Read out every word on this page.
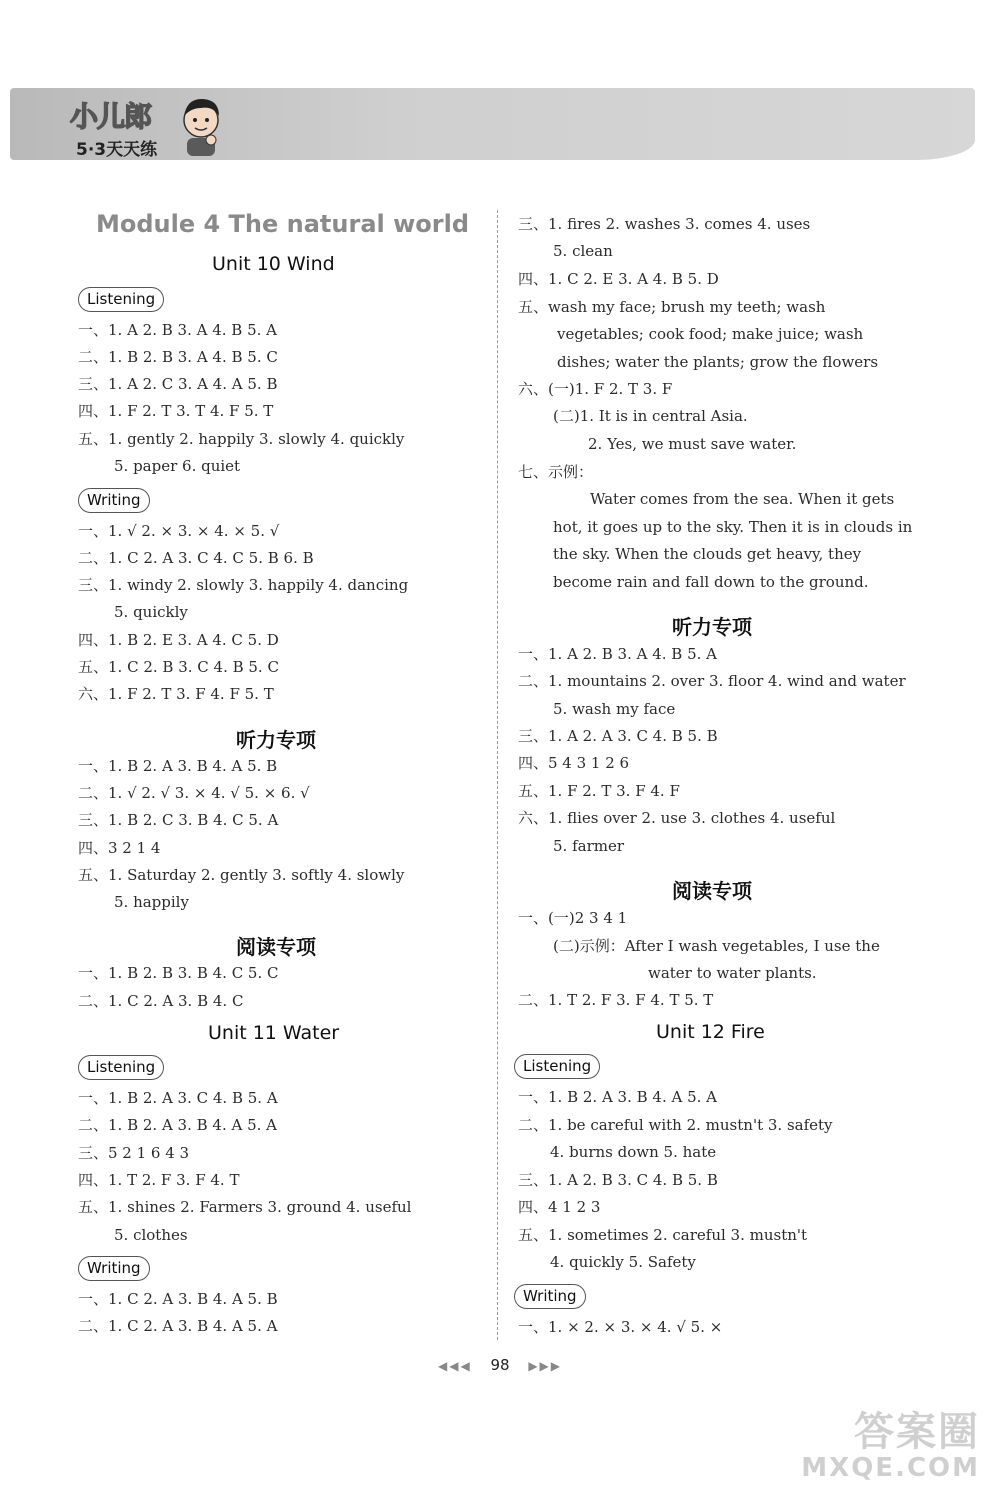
小儿郎
5·3天天练
Module 4 The natural world
Unit 10 Wind
Listening
一、1. A 2. B 3. A 4. B 5. A
二、1. B 2. B 3. A 4. B 5. C
三、1. A 2. C 3. A 4. A 5. B
四、1. F 2. T 3. T 4. F 5. T
五、1. gently 2. happily 3. slowly 4. quickly
5. paper 6. quiet
Writing
一、1. √ 2. × 3. × 4. × 5. √
二、1. C 2. A 3. C 4. C 5. B 6. B
三、1. windy 2. slowly 3. happily 4. dancing
5. quickly
四、1. B 2. E 3. A 4. C 5. D
五、1. C 2. B 3. C 4. B 5. C
六、1. F 2. T 3. F 4. F 5. T
听力专项
一、1. B 2. A 3. B 4. A 5. B
二、1. √ 2. √ 3. × 4. √ 5. × 6. √
三、1. B 2. C 3. B 4. C 5. A
四、3 2 1 4
五、1. Saturday 2. gently 3. softly 4. slowly
5. happily
阅读专项
一、1. B 2. B 3. B 4. C 5. C
二、1. C 2. A 3. B 4. C
Unit 11 Water
Listening
一、1. B 2. A 3. C 4. B 5. A
二、1. B 2. A 3. B 4. A 5. A
三、5 2 1 6 4 3
四、1. T 2. F 3. F 4. T
五、1. shines 2. Farmers 3. ground 4. useful
5. clothes
Writing
一、1. C 2. A 3. B 4. A 5. B
二、1. C 2. A 3. B 4. A 5. A
三、1. fires 2. washes 3. comes 4. uses
5. clean
四、1. C 2. E 3. A 4. B 5. D
五、wash my face; brush my teeth; wash
vegetables; cook food; make juice; wash
dishes; water the plants; grow the flowers
六、(一)1. F 2. T 3. F
(二)1. It is in central Asia.
2. Yes, we must save water.
七、示例：
Water comes from the sea. When it gets
hot, it goes up to the sky. Then it is in clouds in
the sky. When the clouds get heavy, they
become rain and fall down to the ground.
听力专项
一、1. A 2. B 3. A 4. B 5. A
二、1. mountains 2. over 3. floor 4. wind and water
5. wash my face
三、1. A 2. A 3. C 4. B 5. B
四、5 4 3 1 2 6
五、1. F 2. T 3. F 4. F
六、1. flies over 2. use 3. clothes 4. useful
5. farmer
阅读专项
一、(一)2 3 4 1
(二)示例：After I wash vegetables, I use the
water to water plants.
二、1. T 2. F 3. F 4. T 5. T
Unit 12 Fire
Listening
一、1. B 2. A 3. B 4. A 5. A
二、1. be careful with 2. mustn't 3. safety
4. burns down 5. hate
三、1. A 2. B 3. C 4. B 5. B
四、4 1 2 3
五、1. sometimes 2. careful 3. mustn't
4. quickly 5. Safety
Writing
一、1. × 2. × 3. × 4. √ 5. ×
◀◀◀ 98 ▶▶▶
答案圈
MXQE.COM
